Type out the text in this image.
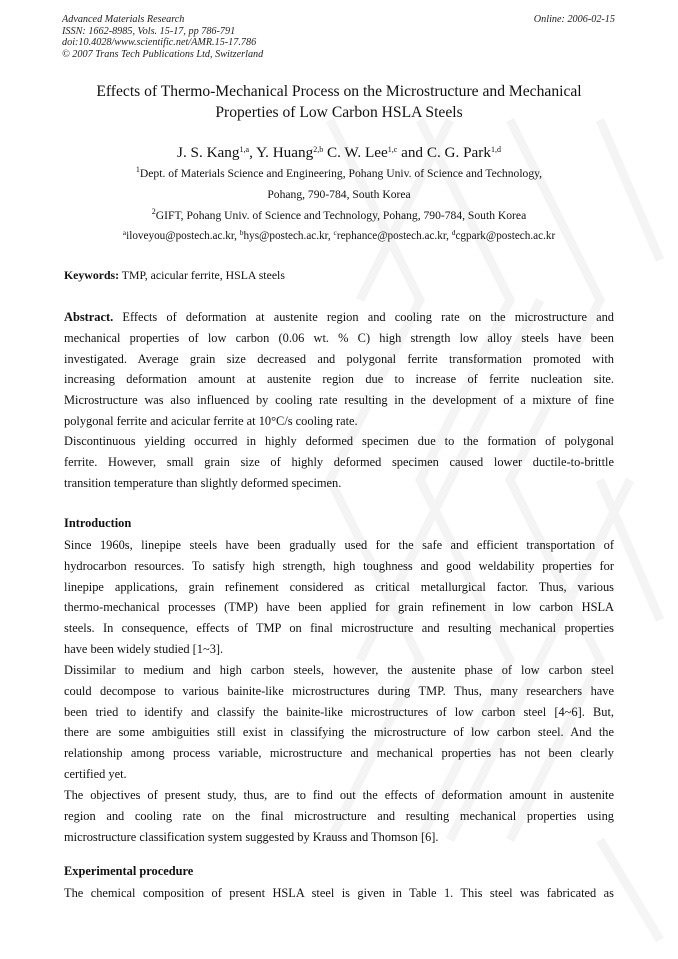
Advanced Materials Research
ISSN: 1662-8985, Vols. 15-17, pp 786-791
doi:10.4028/www.scientific.net/AMR.15-17.786
© 2007 Trans Tech Publications Ltd, Switzerland
Online: 2006-02-15
Effects of Thermo-Mechanical Process on the Microstructure and Mechanical
Properties of Low Carbon HSLA Steels
J. S. Kang$^{1,a}$, Y. Huang$^{2,b}$ C. W. Lee$^{1,c}$ and C. G. Park$^{1,d}$
$^1$Dept. of Materials Science and Engineering, Pohang Univ. of Science and Technology,
Pohang, 790-784, South Korea
$^2$GIFT, Pohang Univ. of Science and Technology, Pohang, 790-784, South Korea
$^a$iloveyou@postech.ac.kr, $^b$hys@postech.ac.kr, $^c$rephance@postech.ac.kr, $^d$cgpark@postech.ac.kr
Keywords: TMP, acicular ferrite, HSLA steels
Abstract. Effects of deformation at austenite region and cooling rate on the microstructure and
mechanical properties of low carbon (0.06 wt. % C) high strength low alloy steels have been
investigated. Average grain size decreased and polygonal ferrite transformation promoted with
increasing deformation amount at austenite region due to increase of ferrite nucleation site.
Microstructure was also influenced by cooling rate resulting in the development of a mixture of fine
polygonal ferrite and acicular ferrite at 10°C/s cooling rate.
Discontinuous yielding occurred in highly deformed specimen due to the formation of polygonal
ferrite. However, small grain size of highly deformed specimen caused lower ductile-to-brittle
transition temperature than slightly deformed specimen.
Introduction
Since 1960s, linepipe steels have been gradually used for the safe and efficient transportation of
hydrocarbon resources. To satisfy high strength, high toughness and good weldability properties for
linepipe applications, grain refinement considered as critical metallurgical factor. Thus, various
thermo-mechanical processes (TMP) have been applied for grain refinement in low carbon HSLA
steels. In consequence, effects of TMP on final microstructure and resulting mechanical properties
have been widely studied [1~3].
Dissimilar to medium and high carbon steels, however, the austenite phase of low carbon steel
could decompose to various bainite-like microstructures during TMP. Thus, many researchers have
been tried to identify and classify the bainite-like microstructures of low carbon steel [4~6]. But,
there are some ambiguities still exist in classifying the microstructure of low carbon steel. And the
relationship among process variable, microstructure and mechanical properties has not been clearly
certified yet.
The objectives of present study, thus, are to find out the effects of deformation amount in austenite
region and cooling rate on the final microstructure and resulting mechanical properties using
microstructure classification system suggested by Krauss and Thomson [6].
Experimental procedure
The chemical composition of present HSLA steel is given in Table 1. This steel was fabricated as
